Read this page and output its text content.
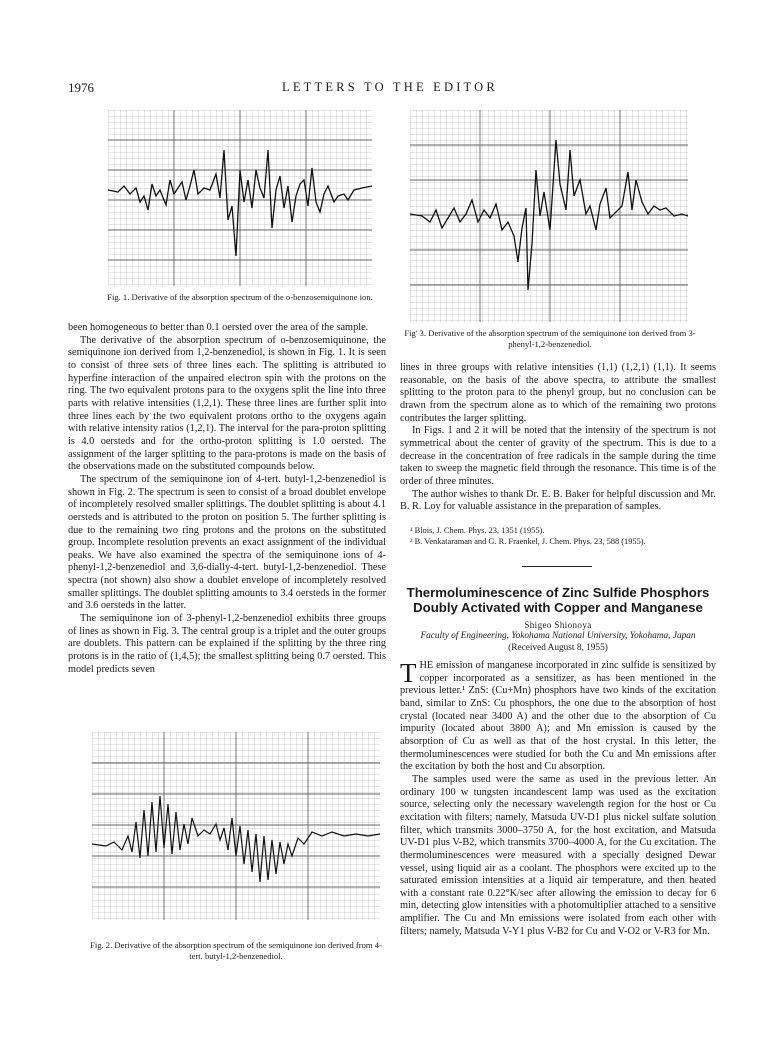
1976	LETTERS TO THE EDITOR
Fig. 1. Derivative of the absorption spectrum of the o-benzosemiquinone ion.
Fig' 3. Derivative of the absorption spectrum of the semiquinone ion derived from 3-phenyl-1,2-benzenediol.

been homogeneous to better than 0.1 oersted over the area of the sample.

The derivative of the absorption spectrum of o-benzosemiquinone, the semiquinone ion derived from 1,2-benzenediol, is shown in Fig. 1. It is seen to consist of three sets of three lines each. The splitting is attributed to hyperfine interaction of the unpaired electron spin with the protons on the ring. The two equivalent protons para to the oxygens split the line into three parts with relative intensities (1,2,1). These three lines are further split into three lines each by the two equivalent protons ortho to the oxygens again with relative intensity ratios (1,2,1). The interval for the para-proton splitting is 4.0 oersteds and for the ortho-proton splitting is 1.0 oersted. The assignment of the larger splitting to the para-protons is made on the basis of the observations made on the substituted compounds below.

The spectrum of the semiquinone ion of 4-tert. butyl-1,2-benzenediol is shown in Fig. 2. The spectrum is seen to consist of a broad doublet envelope of incompletely resolved smaller splittings. The doublet splitting is about 4.1 oersteds and is attributed to the proton on position 5. The further splitting is due to the remaining two ring protons and the protons on the substituted group. Incomplete resolution prevents an exact assignment of the individual peaks. We have also examined the spectra of the semiquinone ions of 4-phenyl-1,2-benzenediol and 3,6-dially-4-tert. butyl-1,2-benzenediol. These spectra (not shown) also show a doublet envelope of incompletely resolved smaller splittings. The doublet splitting amounts to 3.4 oersteds in the former and 3.6 oersteds in the latter.

The semiquinone ion of 3-phenyl-1,2-benzenediol exhibits three groups of lines as shown in Fig. 3. The central group is a triplet and the outer groups are doublets. This pattern can be explained if the splitting by the three ring protons is in the ratio of (1,4,5); the smallest splitting being 0.7 oersted. This model predicts seven

Fig. 2. Derivative of the absorption spectrum of the semiquinone ion derived from 4-tert. butyl-1,2-benzenediol.

lines in three groups with relative intensities (1,1) (1,2,1) (1,1). It seems reasonable, on the basis of the above spectra, to attribute the smallest splitting to the proton para to the phenyl group, but no conclusion can be drawn from the spectrum alone as to which of the remaining two protons contributes the larger splitting.

In Figs. 1 and 2 it will be noted that the intensity of the spectrum is not symmetrical about the center of gravity of the spectrum. This is due to a decrease in the concentration of free radicals in the sample during the time taken to sweep the magnetic field through the resonance. This time is of the order of three minutes.

The author wishes to thank Dr. E. B. Baker for helpful discussion and Mr. B. R. Loy for valuable assistance in the preparation of samples.

¹ Blois, J. Chem. Phys. 23, 1351 (1955).

² B. Venkataraman and G. R. Fraenkel, J. Chem. Phys. 23, 588 (1955).

Thermoluminescence of Zinc Sulfide Phosphors Doubly Activated with Copper and Manganese
Shigeo Shionoya
Faculty of Engineering, Yokohama National University, Yokohama, Japan
(Received August 8, 1955)

THE emission of manganese incorporated in zinc sulfide is sensitized by copper incorporated as a sensitizer, as has been mentioned in the previous letter.¹ ZnS: (Cu+Mn) phosphors have two kinds of the excitation band, similar to ZnS: Cu phosphors, the one due to the absorption of host crystal (located near 3400 A) and the other due to the absorption of Cu impurity (located about 3800 A); and Mn emission is caused by the absorption of Cu as well as that of the host crystal. In this letter, the thermoluminescences were studied for both the Cu and Mn emissions after the excitation by both the host and Cu absorption.

The samples used were the same as used in the previous letter. An ordinary 100 w tungsten incandescent lamp was used as the excitation source, selecting only the necessary wavelength region for the host or Cu excitation with filters; namely, Matsuda UV-D1 plus nickel sulfate solution filter, which transmits 3000–3750 A, for the host excitation, and Matsuda UV-D1 plus V-B2, which transmits 3700–4000 A, for the Cu excitation. The thermoluminescences were measured with a specially designed Dewar vessel, using liquid air as a coolant. The phosphors were excited up to the saturated emission intensities at a liquid air temperature, and then heated with a constant rate 0.22°K/sec after allowing the emission to decay for 6 min, detecting glow intensities with a photomultiplier attached to a sensitive amplifier. The Cu and Mn emissions were isolated from each other with filters; namely, Matsuda V-Y1 plus V-B2 for Cu and V-O2 or V-R3 for Mn.
